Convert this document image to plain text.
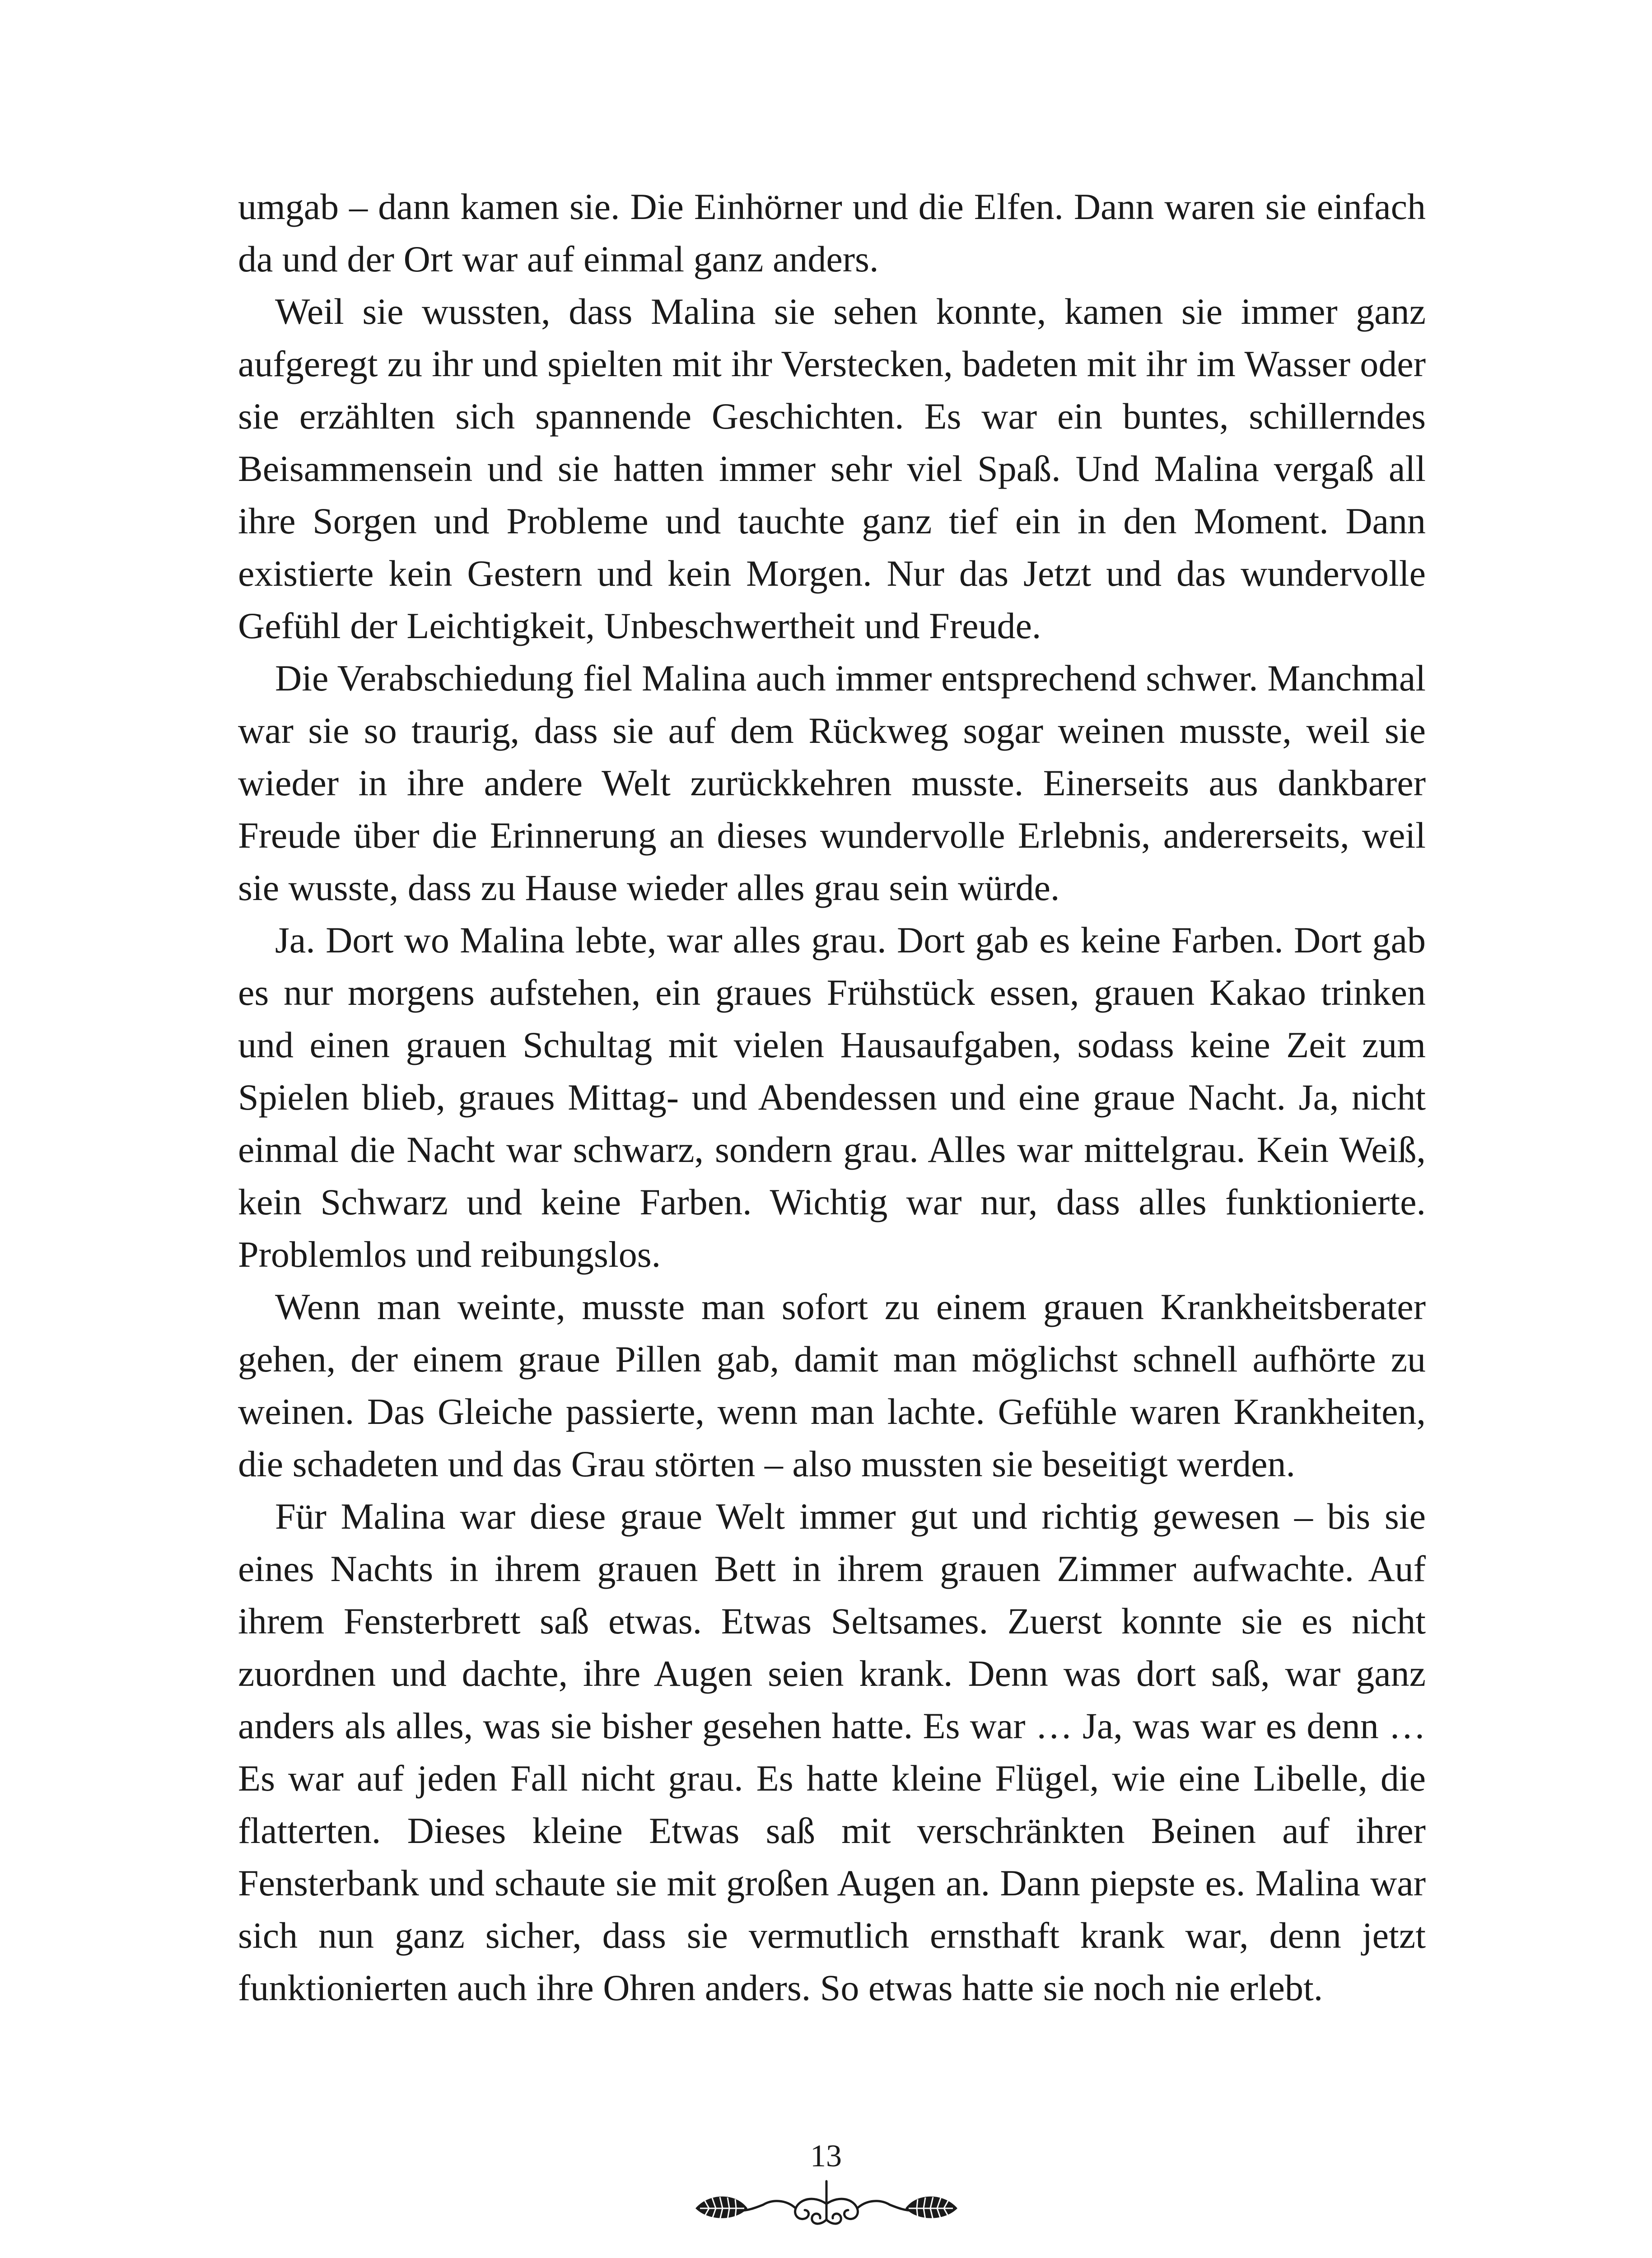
umgab – dann kamen sie. Die Einhörner und die Elfen. Dann waren sie einfach da und der Ort war auf einmal ganz anders.

Weil sie wussten, dass Malina sie sehen konnte, kamen sie immer ganz aufgeregt zu ihr und spielten mit ihr Verstecken, badeten mit ihr im Wasser oder sie erzählten sich spannende Geschichten. Es war ein buntes, schillerndes Beisammensein und sie hatten immer sehr viel Spaß. Und Malina vergaß all ihre Sorgen und Probleme und tauchte ganz tief ein in den Moment. Dann existierte kein Gestern und kein Morgen. Nur das Jetzt und das wundervolle Gefühl der Leichtigkeit, Unbeschwertheit und Freude.

Die Verabschiedung fiel Malina auch immer entsprechend schwer. Manchmal war sie so traurig, dass sie auf dem Rückweg sogar weinen musste, weil sie wieder in ihre andere Welt zurückkehren musste. Einerseits aus dankbarer Freude über die Erinnerung an dieses wundervolle Erlebnis, andererseits, weil sie wusste, dass zu Hause wieder alles grau sein würde.

Ja. Dort wo Malina lebte, war alles grau. Dort gab es keine Farben. Dort gab es nur morgens aufstehen, ein graues Frühstück essen, grauen Kakao trinken und einen grauen Schultag mit vielen Hausaufgaben, sodass keine Zeit zum Spielen blieb, graues Mittag- und Abendessen und eine graue Nacht. Ja, nicht einmal die Nacht war schwarz, sondern grau. Alles war mittelgrau. Kein Weiß, kein Schwarz und keine Farben. Wichtig war nur, dass alles funktionierte. Problemlos und reibungslos.

Wenn man weinte, musste man sofort zu einem grauen Krankheitsberater gehen, der einem graue Pillen gab, damit man möglichst schnell aufhörte zu weinen. Das Gleiche passierte, wenn man lachte. Gefühle waren Krankheiten, die schadeten und das Grau störten – also mussten sie beseitigt werden.

Für Malina war diese graue Welt immer gut und richtig gewesen – bis sie eines Nachts in ihrem grauen Bett in ihrem grauen Zimmer aufwachte. Auf ihrem Fensterbrett saß etwas. Etwas Seltsames. Zuerst konnte sie es nicht zuordnen und dachte, ihre Augen seien krank. Denn was dort saß, war ganz anders als alles, was sie bisher gesehen hatte. Es war … Ja, was war es denn … Es war auf jeden Fall nicht grau. Es hatte kleine Flügel, wie eine Libelle, die flatterten. Dieses kleine Etwas saß mit verschränkten Beinen auf ihrer Fensterbank und schaute sie mit großen Augen an. Dann piepste es. Malina war sich nun ganz sicher, dass sie vermutlich ernsthaft krank war, denn jetzt funktionierten auch ihre Ohren anders. So etwas hatte sie noch nie erlebt.

13
